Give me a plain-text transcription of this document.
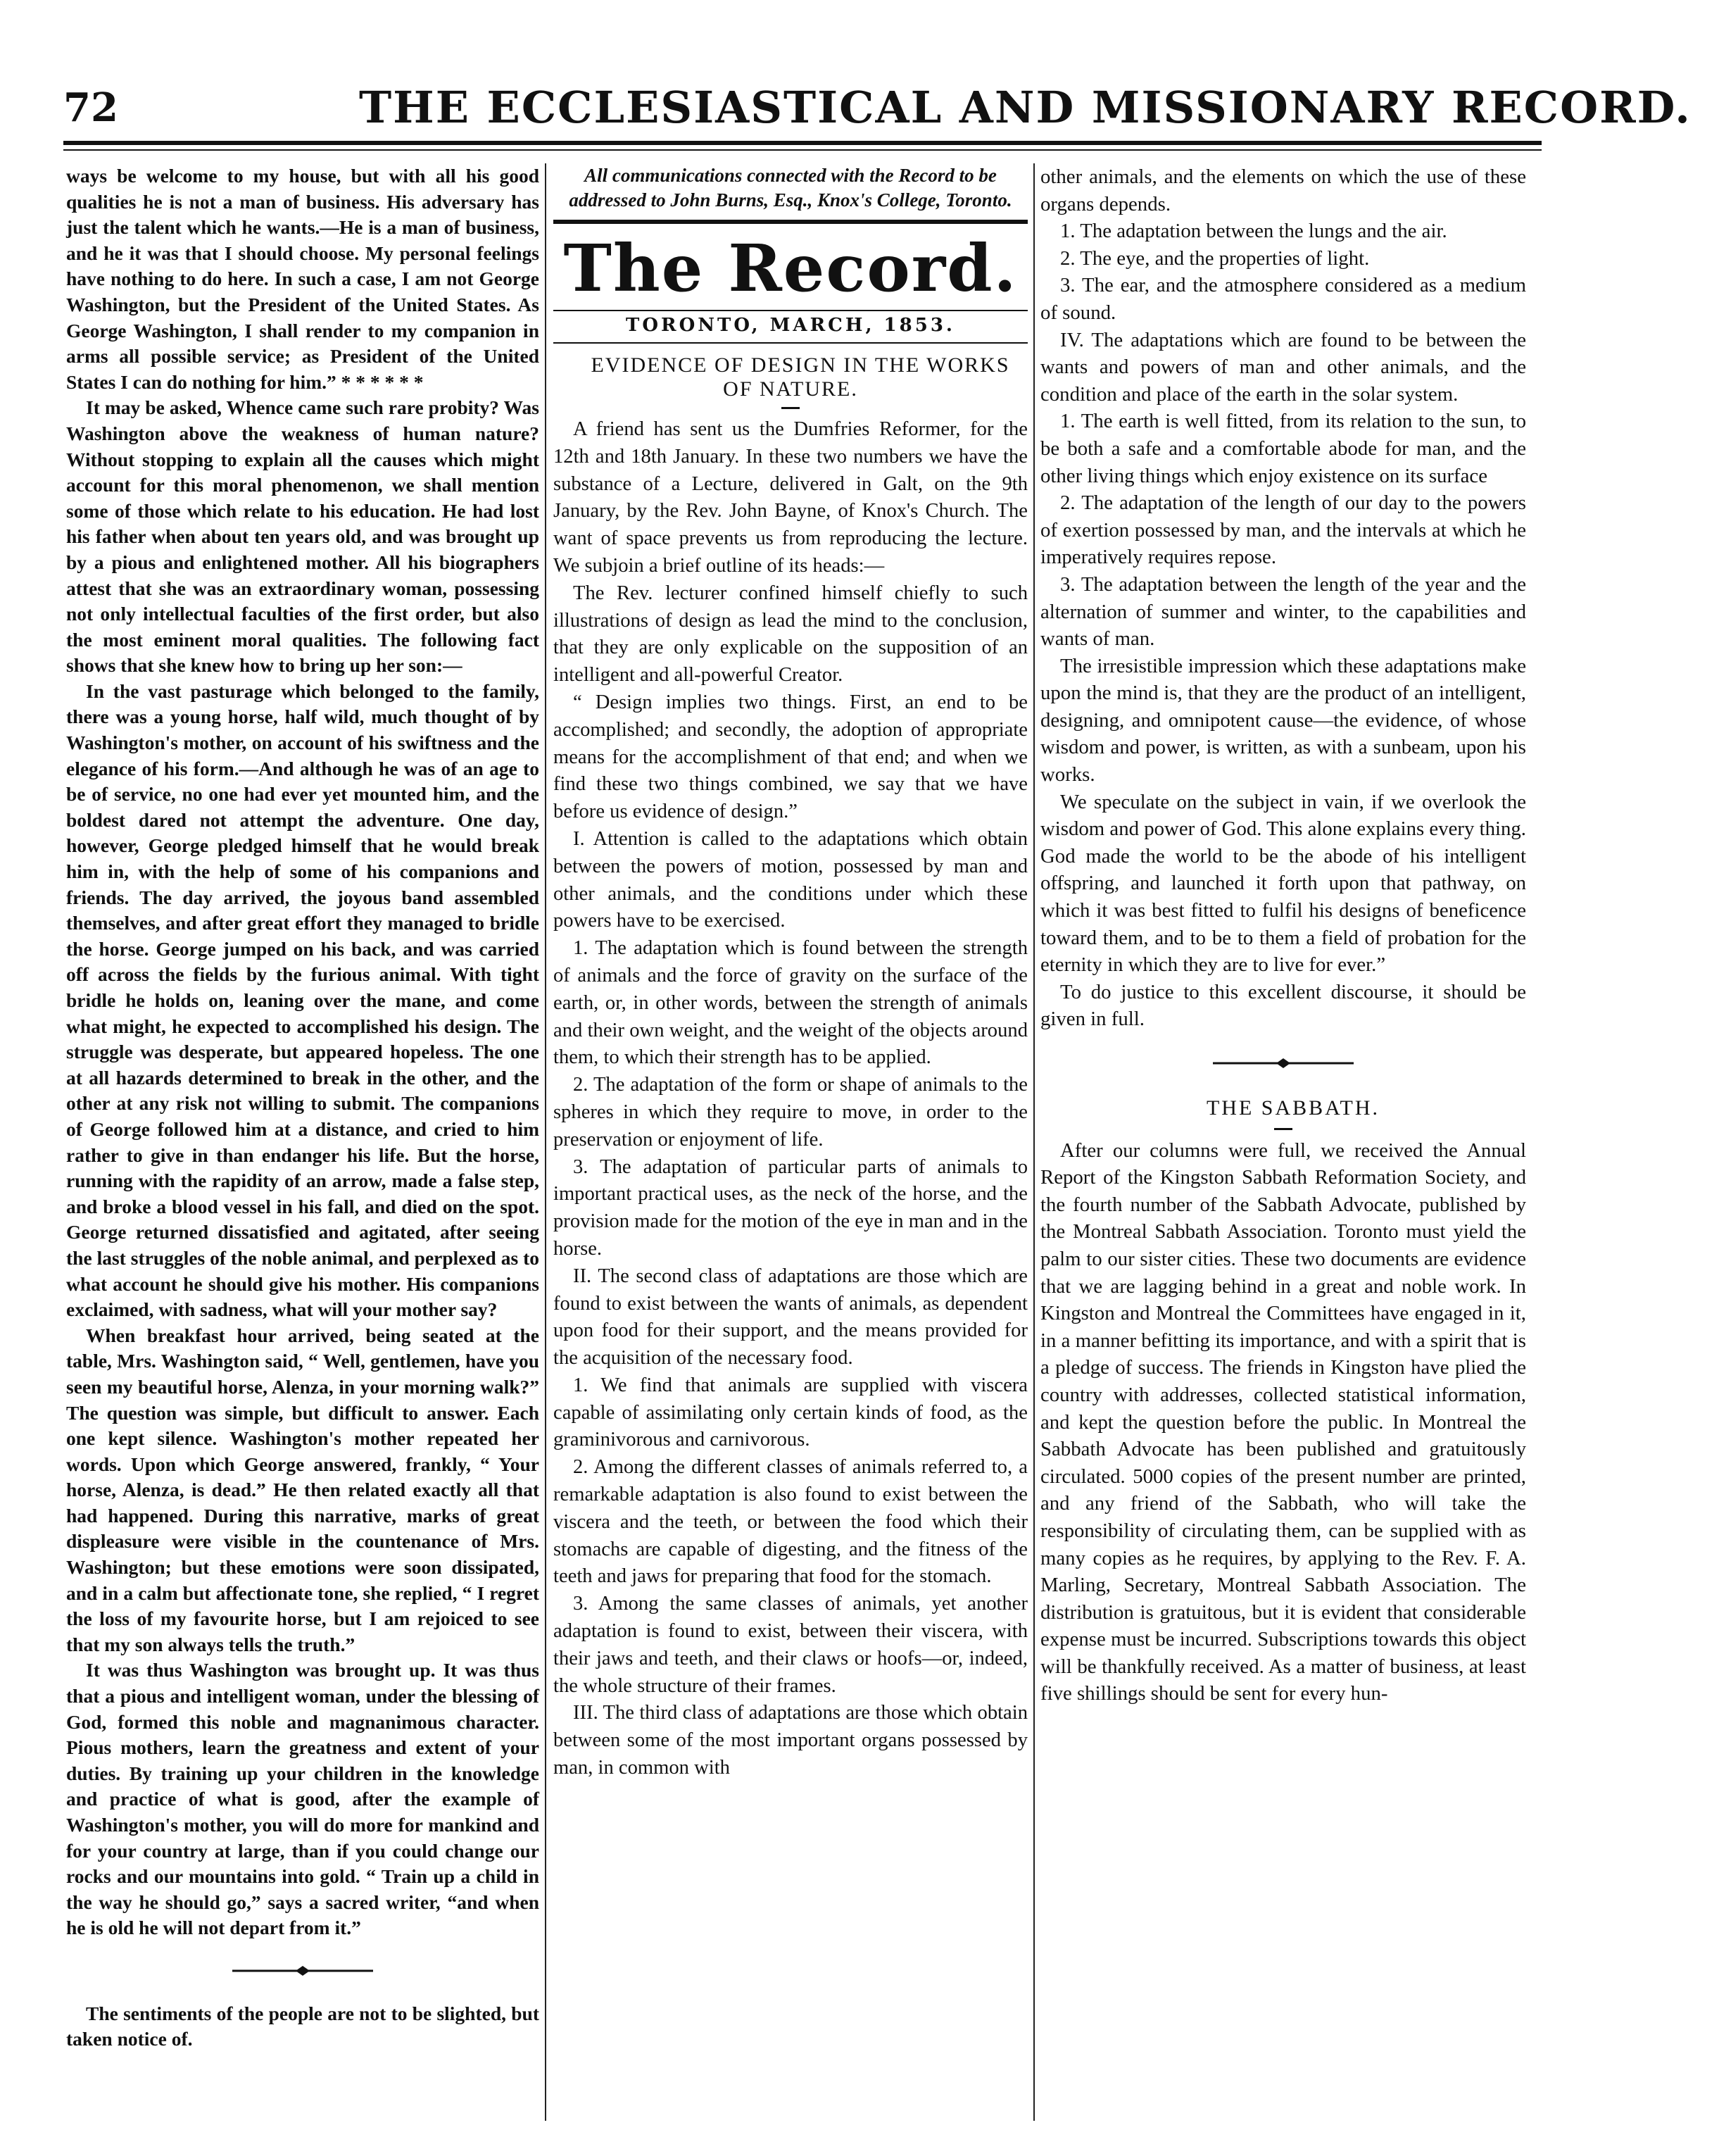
72	THE ECCLESIASTICAL AND MISSIONARY RECORD.

ways be welcome to my house, but with all his good qualities he is not a man of business. His adversary has just the talent which he wants.—He is a man of business, and he it was that I should choose. My personal feelings have nothing to do here. In such a case, I am not George Washington, but the President of the United States. As George Washington, I shall render to my companion in arms all possible service; as President of the United States I can do nothing for him.” * * * * * *

It may be asked, Whence came such rare probity? Was Washington above the weakness of human nature? Without stopping to explain all the causes which might account for this moral phenomenon, we shall mention some of those which relate to his education. He had lost his father when about ten years old, and was brought up by a pious and enlightened mother. All his biographers attest that she was an extraordinary woman, possessing not only intellectual faculties of the first order, but also the most eminent moral qualities. The following fact shows that she knew how to bring up her son:—

In the vast pasturage which belonged to the family, there was a young horse, half wild, much thought of by Washington's mother, on account of his swiftness and the elegance of his form.—And although he was of an age to be of service, no one had ever yet mounted him, and the boldest dared not attempt the adventure. One day, however, George pledged himself that he would break him in, with the help of some of his companions and friends. The day arrived, the joyous band assembled themselves, and after great effort they managed to bridle the horse. George jumped on his back, and was carried off across the fields by the furious animal. With tight bridle he holds on, leaning over the mane, and come what might, he expected to accomplished his design. The struggle was desperate, but appeared hopeless. The one at all hazards determined to break in the other, and the other at any risk not willing to submit. The companions of George followed him at a distance, and cried to him rather to give in than endanger his life. But the horse, running with the rapidity of an arrow, made a false step, and broke a blood vessel in his fall, and died on the spot. George returned dissatisfied and agitated, after seeing the last struggles of the noble animal, and perplexed as to what account he should give his mother. His companions exclaimed, with sadness, what will your mother say?

When breakfast hour arrived, being seated at the table, Mrs. Washington said, “ Well, gentlemen, have you seen my beautiful horse, Alenza, in your morning walk?” The question was simple, but difficult to answer. Each one kept silence. Washington's mother repeated her words. Upon which George answered, frankly, “ Your horse, Alenza, is dead.” He then related exactly all that had happened. During this narrative, marks of great displeasure were visible in the countenance of Mrs. Washington; but these emotions were soon dissipated, and in a calm but affectionate tone, she replied, “ I regret the loss of my favourite horse, but I am rejoiced to see that my son always tells the truth.”

It was thus Washington was brought up. It was thus that a pious and intelligent woman, under the blessing of God, formed this noble and magnanimous character. Pious mothers, learn the greatness and extent of your duties. By training up your children in the knowledge and practice of what is good, after the example of Washington's mother, you will do more for mankind and for your country at large, than if you could change our rocks and our mountains into gold. “ Train up a child in the way he should go,” says a sacred writer, “and when he is old he will not depart from it.”

The sentiments of the people are not to be slighted, but taken notice of.

All communications connected with the Record to be addressed to John Burns, Esq., Knox's College, Toronto.

The Record.
TORONTO, MARCH, 1853.

EVIDENCE OF DESIGN IN THE WORKS OF NATURE.

A friend has sent us the Dumfries Reformer, for the 12th and 18th January. In these two numbers we have the substance of a Lecture, delivered in Galt, on the 9th January, by the Rev. John Bayne, of Knox's Church. The want of space prevents us from reproducing the lecture. We subjoin a brief outline of its heads:—

The Rev. lecturer confined himself chiefly to such illustrations of design as lead the mind to the conclusion, that they are only explicable on the supposition of an intelligent and all-powerful Creator.

“ Design implies two things. First, an end to be accomplished; and secondly, the adoption of appropriate means for the accomplishment of that end; and when we find these two things combined, we say that we have before us evidence of design.”

I. Attention is called to the adaptations which obtain between the powers of motion, possessed by man and other animals, and the conditions under which these powers have to be exercised.

1. The adaptation which is found between the strength of animals and the force of gravity on the surface of the earth, or, in other words, between the strength of animals and their own weight, and the weight of the objects around them, to which their strength has to be applied.

2. The adaptation of the form or shape of animals to the spheres in which they require to move, in order to the preservation or enjoyment of life.

3. The adaptation of particular parts of animals to important practical uses, as the neck of the horse, and the provision made for the motion of the eye in man and in the horse.

II. The second class of adaptations are those which are found to exist between the wants of animals, as dependent upon food for their support, and the means provided for the acquisition of the necessary food.

1. We find that animals are supplied with viscera capable of assimilating only certain kinds of food, as the graminivorous and carnivorous.

2. Among the different classes of animals referred to, a remarkable adaptation is also found to exist between the viscera and the teeth, or between the food which their stomachs are capable of digesting, and the fitness of the teeth and jaws for preparing that food for the stomach.

3. Among the same classes of animals, yet another adaptation is found to exist, between their viscera, with their jaws and teeth, and their claws or hoofs—or, indeed, the whole structure of their frames.

III. The third class of adaptations are those which obtain between some of the most important organs possessed by man, in common with

other animals, and the elements on which the use of these organs depends.

1. The adaptation between the lungs and the air.

2. The eye, and the properties of light.

3. The ear, and the atmosphere considered as a medium of sound.

IV. The adaptations which are found to be between the wants and powers of man and other animals, and the condition and place of the earth in the solar system.

1. The earth is well fitted, from its relation to the sun, to be both a safe and a comfortable abode for man, and the other living things which enjoy existence on its surface

2. The adaptation of the length of our day to the powers of exertion possessed by man, and the intervals at which he imperatively requires repose.

3. The adaptation between the length of the year and the alternation of summer and winter, to the capabilities and wants of man.

The irresistible impression which these adaptations make upon the mind is, that they are the product of an intelligent, designing, and omnipotent cause—the evidence, of whose wisdom and power, is written, as with a sunbeam, upon his works.

We speculate on the subject in vain, if we overlook the wisdom and power of God. This alone explains every thing. God made the world to be the abode of his intelligent offspring, and launched it forth upon that pathway, on which it was best fitted to fulfil his designs of beneficence toward them, and to be to them a field of probation for the eternity in which they are to live for ever.”

To do justice to this excellent discourse, it should be given in full.

THE SABBATH.

After our columns were full, we received the Annual Report of the Kingston Sabbath Reformation Society, and the fourth number of the Sabbath Advocate, published by the Montreal Sabbath Association. Toronto must yield the palm to our sister cities. These two documents are evidence that we are lagging behind in a great and noble work. In Kingston and Montreal the Committees have engaged in it, in a manner befitting its importance, and with a spirit that is a pledge of success. The friends in Kingston have plied the country with addresses, collected statistical information, and kept the question before the public. In Montreal the Sabbath Advocate has been published and gratuitously circulated. 5000 copies of the present number are printed, and any friend of the Sabbath, who will take the responsibility of circulating them, can be supplied with as many copies as he requires, by applying to the Rev. F. A. Marling, Secretary, Montreal Sabbath Association. The distribution is gratuitous, but it is evident that considerable expense must be incurred. Subscriptions towards this object will be thankfully received. As a matter of business, at least five shillings should be sent for every hun-
